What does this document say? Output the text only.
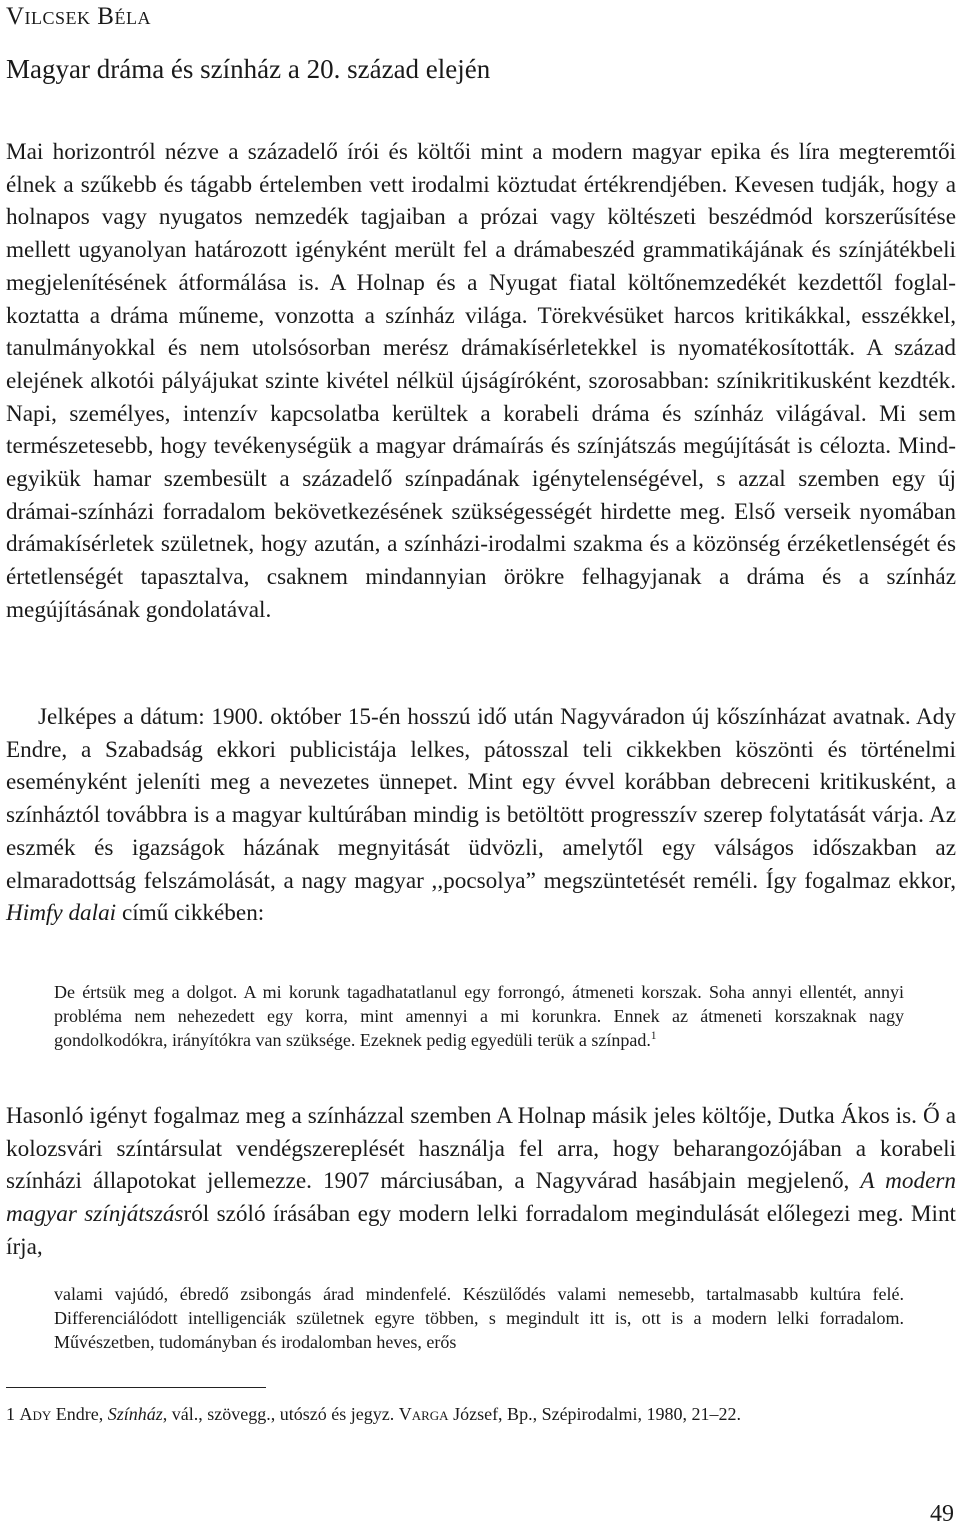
Vilcsek Béla
Magyar dráma és színház a 20. század elején

Mai horizontról nézve a századelő írói és költői mint a modern magyar epika és líra megteremtői élnek a szűkebb és tágabb értelemben vett irodalmi köztudat értékrendjében. Kevesen tudják, hogy a holnapos vagy nyugatos nemzedék tagjaiban a prózai vagy költészeti beszédmód korszerűsítése mellett ugyanolyan határozott igényként merült fel a drámabeszéd grammatikájának és színjátékbeli megjelenítésének átformálása is. A Holnap és a Nyugat fiatal költőnemzedékét kezdettől foglalkoztatta a dráma műneme, vonzotta a színház világa. Törekvésüket harcos kritikákkal, esszékkel, tanulmányokkal és nem utolsósorban merész drámakísérletekkel is nyomatékosították. A század elejének alkotói pályájukat szinte kivétel nélkül újságíróként, szorosabban: színikritikusként kezdték. Napi, személyes, intenzív kapcsolatba kerültek a korabeli dráma és színház világával. Mi sem természetesebb, hogy tevékenységük a magyar drámaírás és színjátszás megújítását is célozta. Mindegyikük hamar szembesült a századelő színpadának igénytelenségével, s azzal szemben egy új drámai-színházi forradalom bekövetkezésének szükségességét hirdette meg. Első verseik nyomában drámakísérletek születnek, hogy azután, a színházi-irodalmi szakma és a közönség érzéketlenségét és értetlenségét tapasztalva, csaknem mindannyian örökre felhagyjanak a dráma és a színház megújításának gondolatával.

Jelképes a dátum: 1900. október 15-én hosszú idő után Nagyváradon új kőszínházat avatnak. Ady Endre, a Szabadság ekkori publicistája lelkes, pátosszal teli cikkekben köszönti és történelmi eseményként jeleníti meg a nevezetes ünnepet. Mint egy évvel korábban debreceni kritikusként, a színháztól továbbra is a magyar kultúrában mindig is betöltött progresszív szerep folytatását várja. Az eszmék és igazságok házának megnyitását üdvözli, amelytől egy válságos időszakban az elmaradottság felszámolását, a nagy magyar ,,pocsolya” megszüntetését reméli. Így fogalmaz ekkor, Himfy dalai című cikkében:

De értsük meg a dolgot. A mi korunk tagadhatatlanul egy forrongó, átmeneti korszak. Soha annyi ellentét, annyi probléma nem nehezedett egy korra, mint amennyi a mi korunkra. Ennek az átmeneti korszaknak nagy gondolkodókra, irányítókra van szüksége. Ezeknek pedig egyedüli terük a színpad.$^1$

Hasonló igényt fogalmaz meg a színházzal szemben A Holnap másik jeles költője, Dutka Ákos is. Ő a kolozsvári színtársulat vendégszereplését használja fel arra, hogy beharangozójában a korabeli színházi állapotokat jellemezze. 1907 márciusában, a Nagyvárad hasábjain megjelenő, A modern magyar színjátszásról szóló írásában egy modern lelki forradalom megindulását előlegezi meg. Mint írja,

valami vajúdó, ébredő zsibongás árad mindenfelé. Készülődés valami nemesebb, tartalmasabb kultúra felé. Differenciálódott intelligenciák születnek egyre többen, s megindult itt is, ott is a modern lelki forradalom. Művészetben, tudományban és irodalomban heves, erős

1 Ady Endre, Színház, vál., szövegg., utószó és jegyz. Varga József, Bp., Szépirodalmi, 1980, 21–22.

49
